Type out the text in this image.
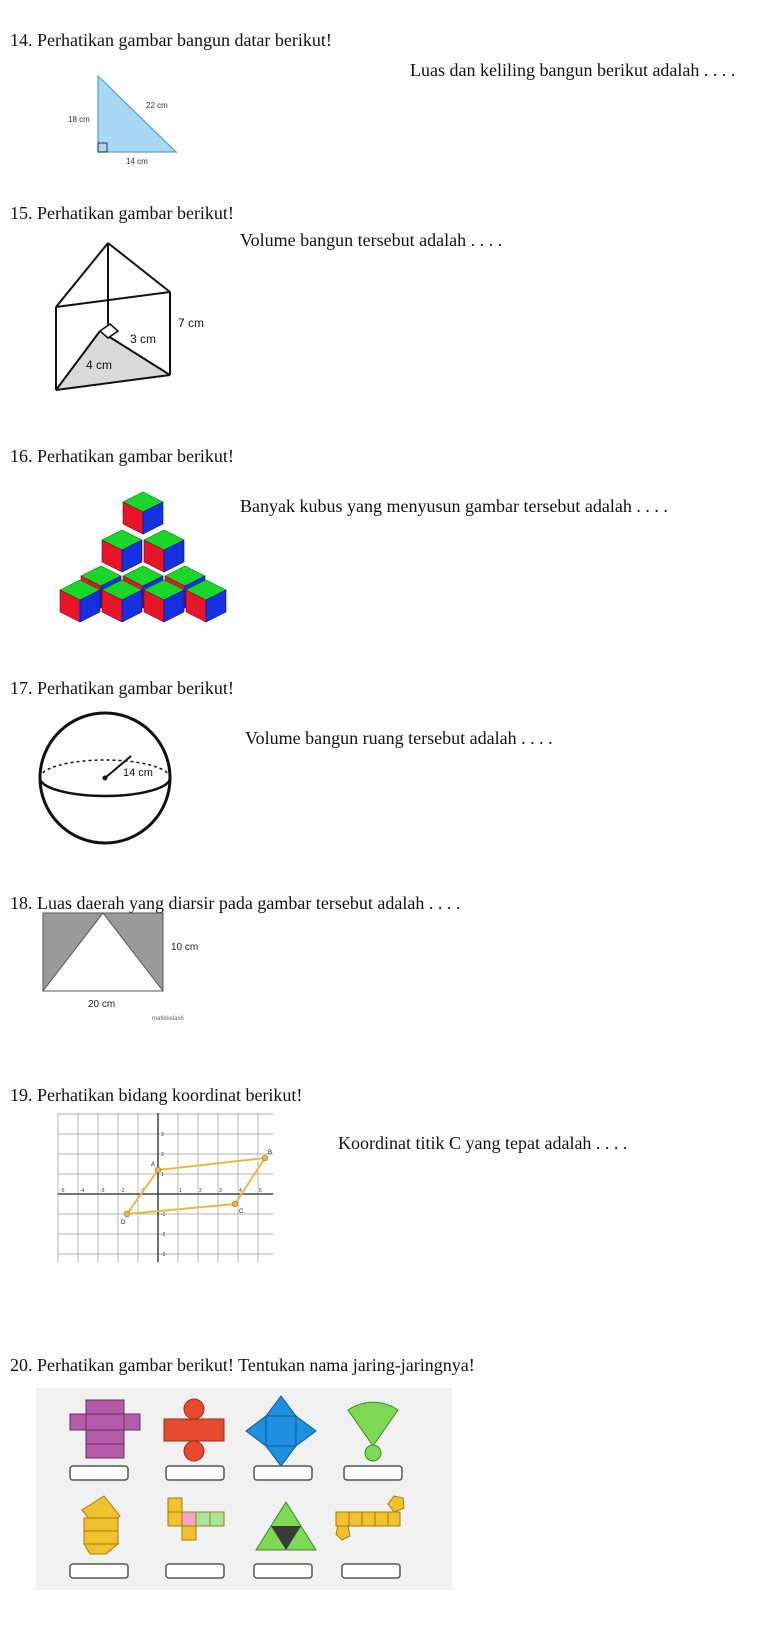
14. Perhatikan gambar bangun datar berikut!
Luas dan keliling bangun berikut adalah . . . .
18 cm
22 cm
14 cm
15. Perhatikan gambar berikut!
Volume bangun tersebut adalah . . . .
7 cm
3 cm
4 cm
16. Perhatikan gambar berikut!
Banyak kubus yang menyusun gambar tersebut adalah . . . .
17. Perhatikan gambar berikut!
Volume bangun ruang tersebut adalah . . . .
14 cm
18. Luas daerah yang diarsir pada gambar tersebut adalah . . . .
10 cm
20 cm
matikkelas6
19. Perhatikan bidang koordinat berikut!
Koordinat titik C yang tepat adalah . . . .
-5	-4	-3	-2	-1	1	2	3	4	5
3
2
1
-1
-2
-3
A
B
C
D
20. Perhatikan gambar berikut! Tentukan nama jaring-jaringnya!
